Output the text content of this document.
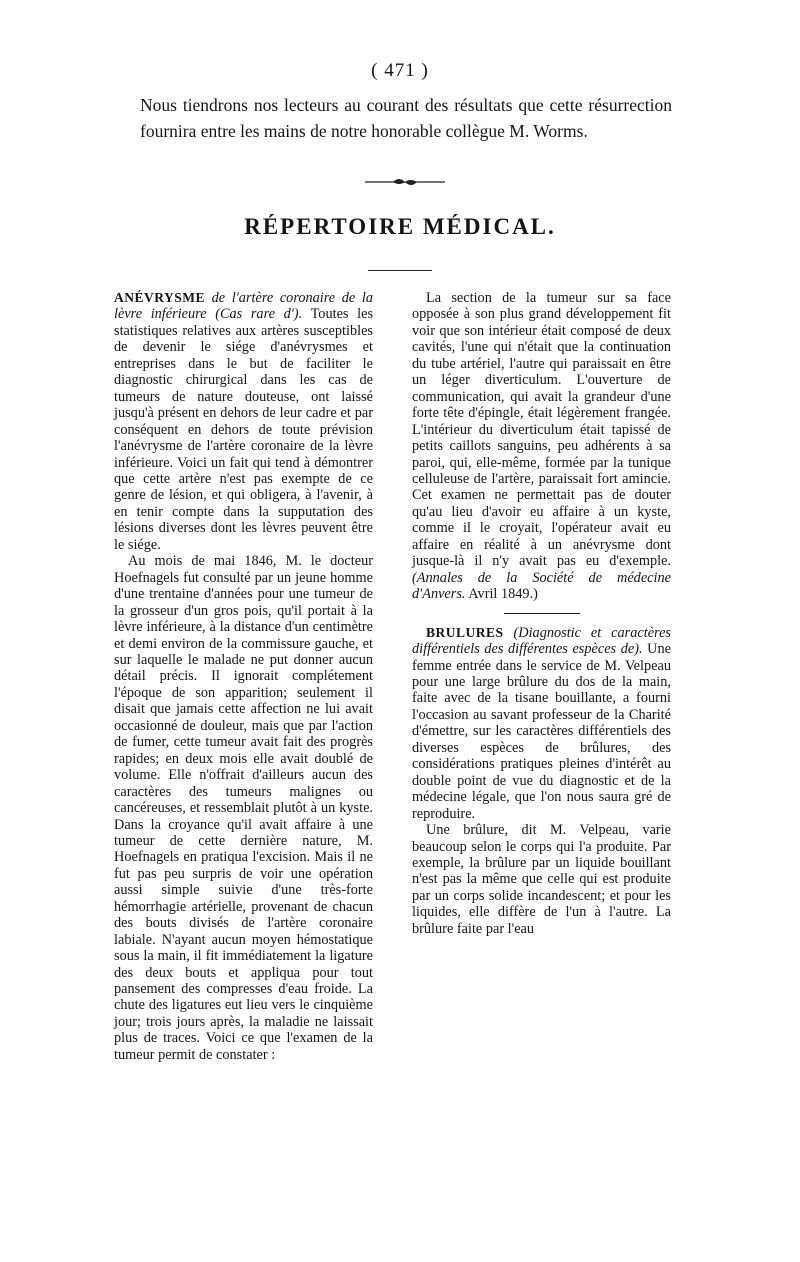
( 471 )

Nous tiendrons nos lecteurs au courant des résultats que cette résurrection fournira entre les mains de notre honorable collègue M. Worms.

RÉPERTOIRE MÉDICAL.

ANÉVRYSME de l'artère coronaire de la lèvre inférieure (Cas rare d'). Toutes les statistiques relatives aux artères susceptibles de devenir le siége d'anévrysmes et entreprises dans le but de faciliter le diagnostic chirurgical dans les cas de tumeurs de nature douteuse, ont laissé jusqu'à présent en dehors de leur cadre et par conséquent en dehors de toute prévision l'anévrysme de l'artère coronaire de la lèvre inférieure. Voici un fait qui tend à démontrer que cette artère n'est pas exempte de ce genre de lésion, et qui obligera, à l'avenir, à en tenir compte dans la supputation des lésions diverses dont les lèvres peuvent être le siége.

Au mois de mai 1846, M. le docteur Hoefnagels fut consulté par un jeune homme d'une trentaine d'années pour une tumeur de la grosseur d'un gros pois, qu'il portait à la lèvre inférieure, à la distance d'un centimètre et demi environ de la commissure gauche, et sur laquelle le malade ne put donner aucun détail précis. Il ignorait complétement l'époque de son apparition; seulement il disait que jamais cette affection ne lui avait occasionné de douleur, mais que par l'action de fumer, cette tumeur avait fait des progrès rapides; en deux mois elle avait doublé de volume. Elle n'offrait d'ailleurs aucun des caractères des tumeurs malignes ou cancéreuses, et ressemblait plutôt à un kyste. Dans la croyance qu'il avait affaire à une tumeur de cette dernière nature, M. Hoefnagels en pratiqua l'excision. Mais il ne fut pas peu surpris de voir une opération aussi simple suivie d'une très-forte hémorrhagie artérielle, provenant de chacun des bouts divisés de l'artère coronaire labiale. N'ayant aucun moyen hémostatique sous la main, il fit immédiatement la ligature des deux bouts et appliqua pour tout pansement des compresses d'eau froide. La chute des ligatures eut lieu vers le cinquième jour; trois jours après, la maladie ne laissait plus de traces. Voici ce que l'examen de la tumeur permit de constater :

La section de la tumeur sur sa face opposée à son plus grand développement fit voir que son intérieur était composé de deux cavités, l'une qui n'était que la continuation du tube artériel, l'autre qui paraissait en être un léger diverticulum. L'ouverture de communication, qui avait la grandeur d'une forte tête d'épingle, était légèrement frangée. L'intérieur du diverticulum était tapissé de petits caillots sanguins, peu adhérents à sa paroi, qui, elle-même, formée par la tunique celluleuse de l'artère, paraissait fort amincie. Cet examen ne permettait pas de douter qu'au lieu d'avoir eu affaire à un kyste, comme il le croyait, l'opérateur avait eu affaire en réalité à un anévrysme dont jusque-là il n'y avait pas eu d'exemple. (Annales de la Société de médecine d'Anvers. Avril 1849.)

BRULURES (Diagnostic et caractères différentiels des différentes espèces de). Une femme entrée dans le service de M. Velpeau pour une large brûlure du dos de la main, faite avec de la tisane bouillante, a fourni l'occasion au savant professeur de la Charité d'émettre, sur les caractères différentiels des diverses espèces de brûlures, des considérations pratiques pleines d'intérêt au double point de vue du diagnostic et de la médecine légale, que l'on nous saura gré de reproduire.

Une brûlure, dit M. Velpeau, varie beaucoup selon le corps qui l'a produite. Par exemple, la brûlure par un liquide bouillant n'est pas la même que celle qui est produite par un corps solide incandescent; et pour les liquides, elle diffère de l'un à l'autre. La brûlure faite par l'eau
